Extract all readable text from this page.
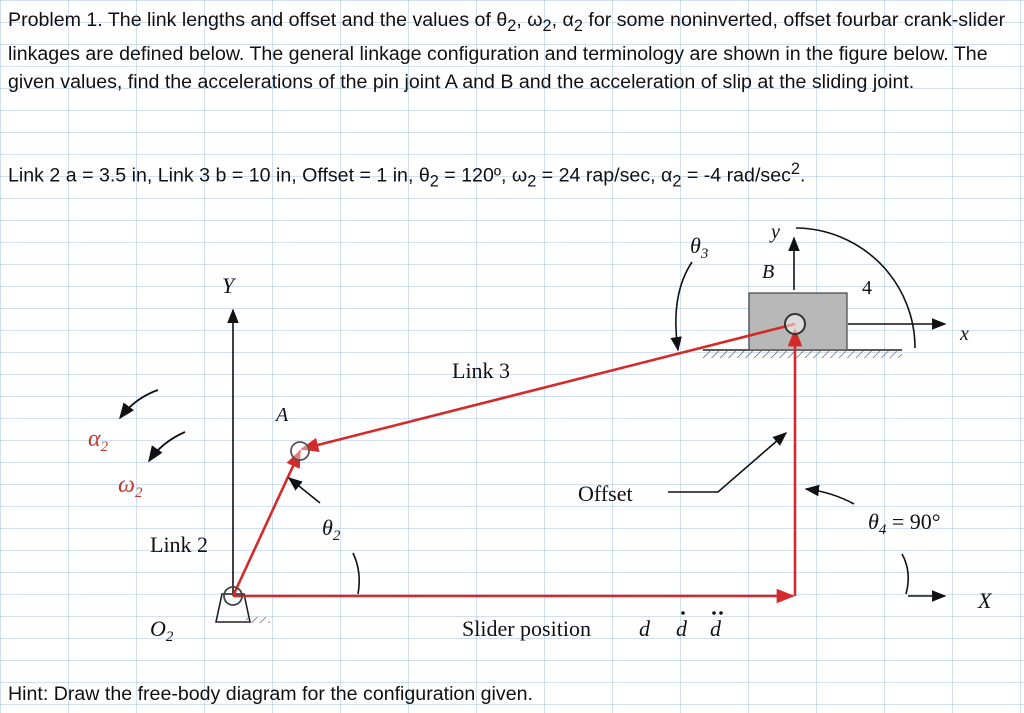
Problem 1. The link lengths and offset and the values of $\theta_2$, $\omega_2$, $\alpha_2$ for some noninverted, offset fourbar crank-slider linkages are defined below. The general linkage configuration and terminology are shown in the figure below. The given values, find the accelerations of the pin joint A and B and the acceleration of slip at the sliding joint.

Link 2 a = 3.5 in, Link 3 b = 10 in, Offset = 1 in, $\theta_2$ = 120º, $\omega_2 = 24$ rap/sec, $\alpha_2 = -4$ rad/$\sec^2$.

Y
X
$O_2$
x
y
B
4
A
Link 3
Link 2
$\theta_2$
$\theta_3$
Offset
$\theta_4 = 90^\circ$
Slider position d d d
$\alpha_2$
$\omega_2$

Hint: Draw the free-body diagram for the configuration given.
